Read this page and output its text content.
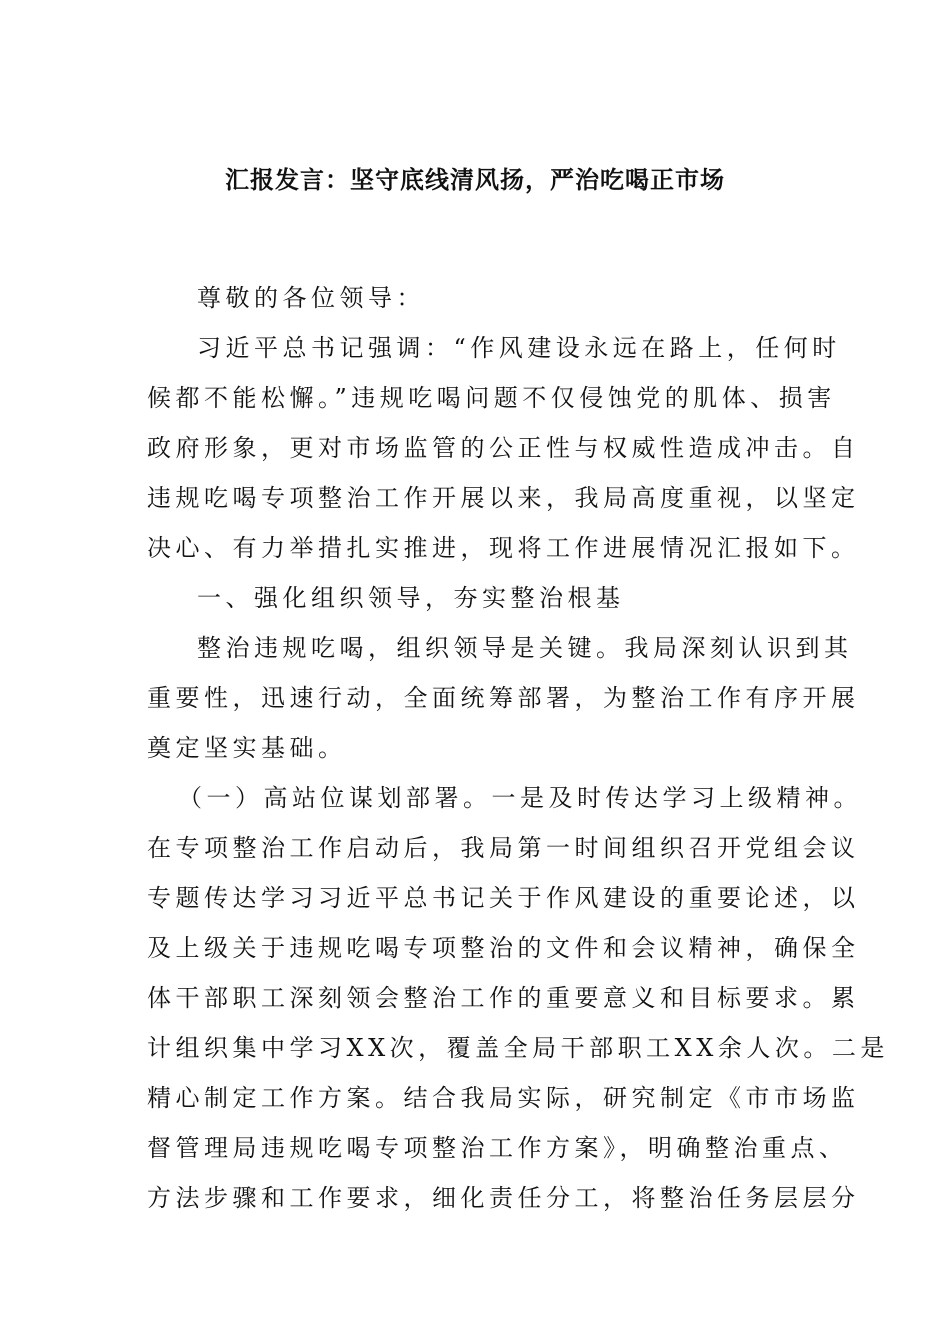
汇报发言：坚守底线清风扬，严治吃喝正市场
尊敬的各位领导：
习近平总书记强调：“作风建设永远在路上，任何时
候都不能松懈。”违规吃喝问题不仅侵蚀党的肌体、损害
政府形象，更对市场监管的公正性与权威性造成冲击。自
违规吃喝专项整治工作开展以来，我局高度重视，以坚定
决心、有力举措扎实推进，现将工作进展情况汇报如下。
一、强化组织领导，夯实整治根基
整治违规吃喝，组织领导是关键。我局深刻认识到其
重要性，迅速行动，全面统筹部署，为整治工作有序开展
奠定坚实基础。
（一）高站位谋划部署。一是及时传达学习上级精神。
在专项整治工作启动后，我局第一时间组织召开党组会议
专题传达学习习近平总书记关于作风建设的重要论述，以
及上级关于违规吃喝专项整治的文件和会议精神，确保全
体干部职工深刻领会整治工作的重要意义和目标要求。累
计组织集中学习XX次，覆盖全局干部职工XX余人次。二是
精心制定工作方案。结合我局实际，研究制定《市市场监
督管理局违规吃喝专项整治工作方案》，明确整治重点、
方法步骤和工作要求，细化责任分工，将整治任务层层分
